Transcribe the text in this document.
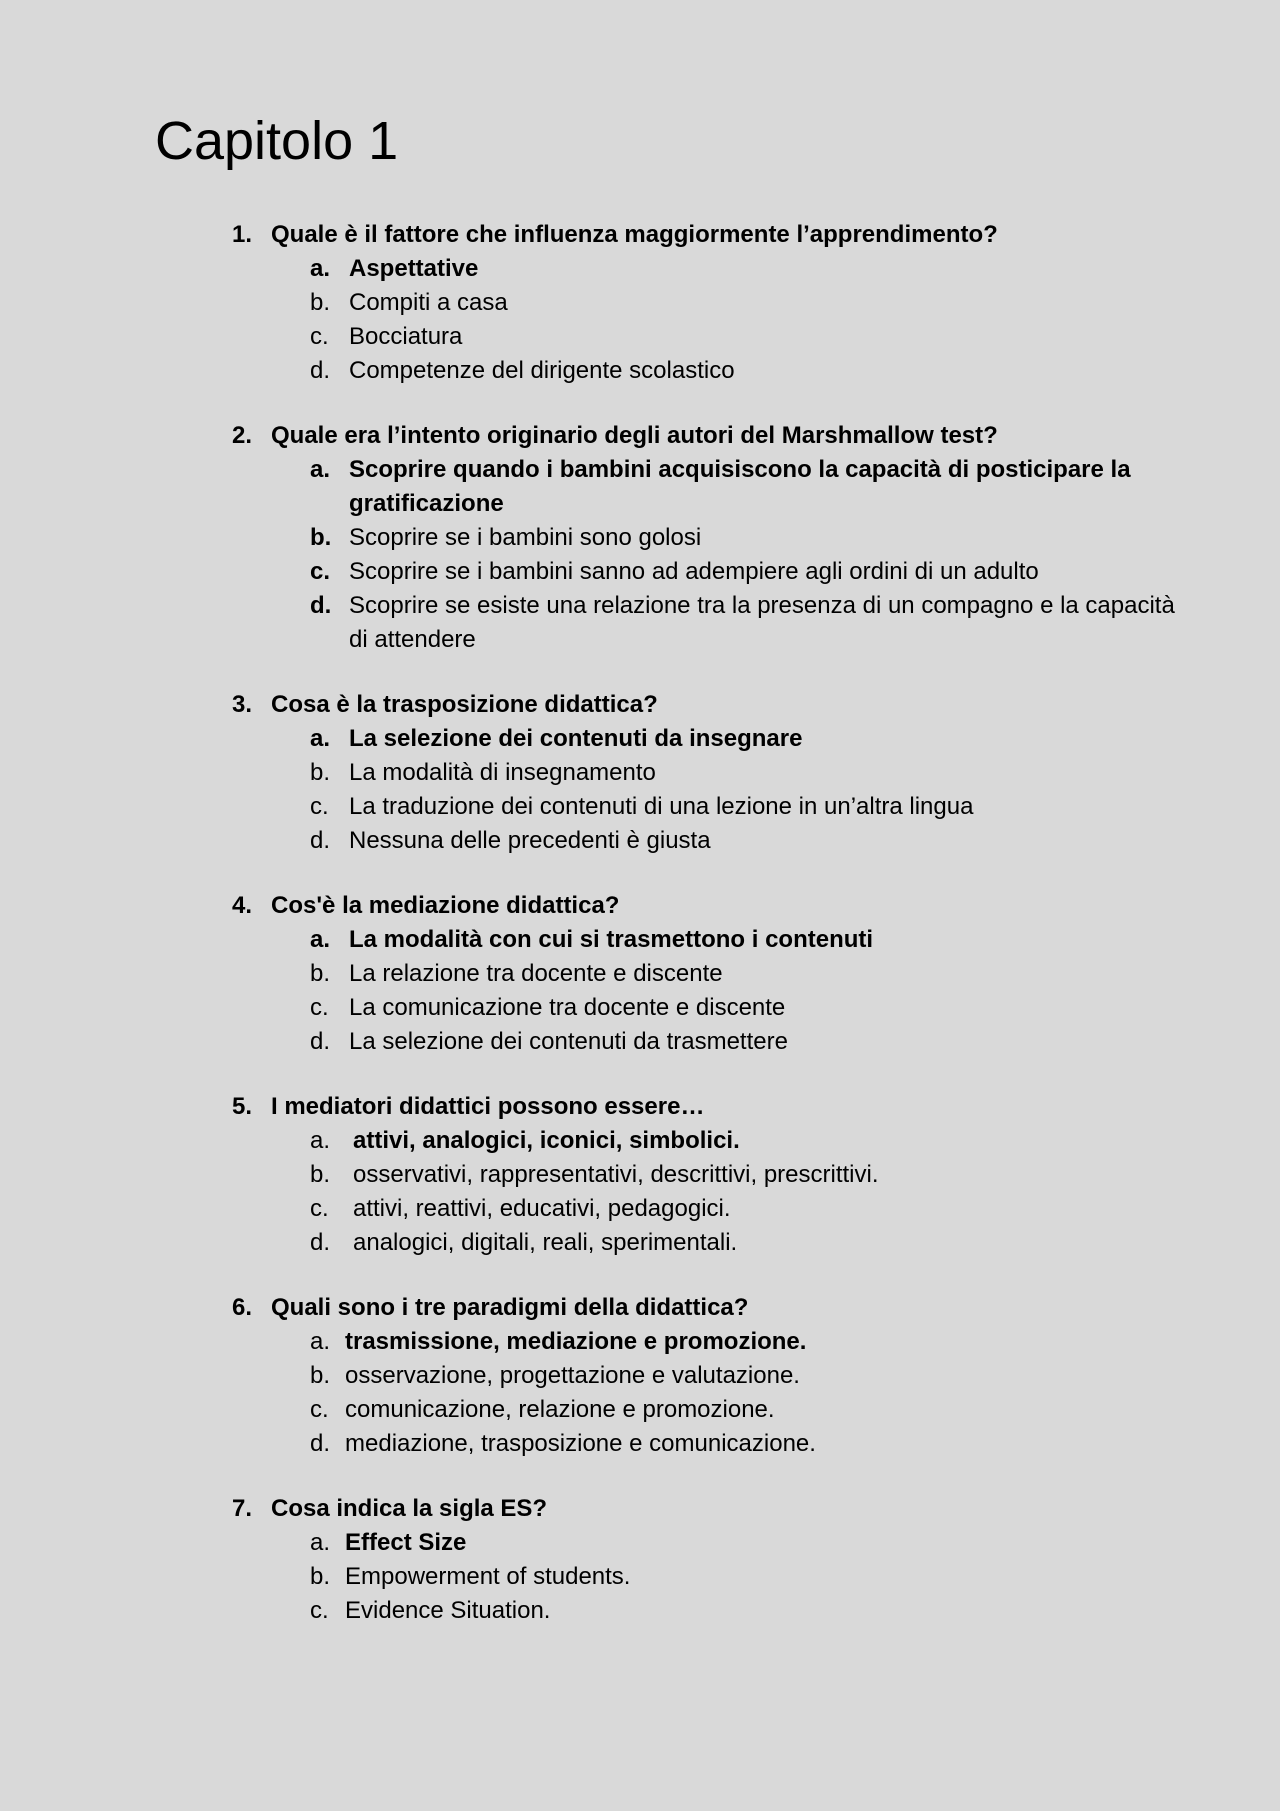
Capitolo 1
1. Quale è il fattore che influenza maggiormente l’apprendimento?
a. Aspettative
b. Compiti a casa
c. Bocciatura
d. Competenze del dirigente scolastico
2. Quale era l’intento originario degli autori del Marshmallow test?
a. Scoprire quando i bambini acquisiscono la capacità di posticipare la gratificazione
b. Scoprire se i bambini sono golosi
c. Scoprire se i bambini sanno ad adempiere agli ordini di un adulto
d. Scoprire se esiste una relazione tra la presenza di un compagno e la capacità di attendere
3. Cosa è la trasposizione didattica?
a. La selezione dei contenuti da insegnare
b. La modalità di insegnamento
c. La traduzione dei contenuti di una lezione in un’altra lingua
d. Nessuna delle precedenti è giusta
4. Cos'è la mediazione didattica?
a. La modalità con cui si trasmettono i contenuti
b. La relazione tra docente e discente
c. La comunicazione tra docente e discente
d. La selezione dei contenuti da trasmettere
5. I mediatori didattici possono essere…
a. attivi, analogici, iconici, simbolici.
b. osservativi, rappresentativi, descrittivi, prescrittivi.
c. attivi, reattivi, educativi, pedagogici.
d. analogici, digitali, reali, sperimentali.
6. Quali sono i tre paradigmi della didattica?
a. trasmissione, mediazione e promozione.
b. osservazione, progettazione e valutazione.
c. comunicazione, relazione e promozione.
d. mediazione, trasposizione e comunicazione.
7. Cosa indica la sigla ES?
a. Effect Size
b. Empowerment of students.
c. Evidence Situation.
